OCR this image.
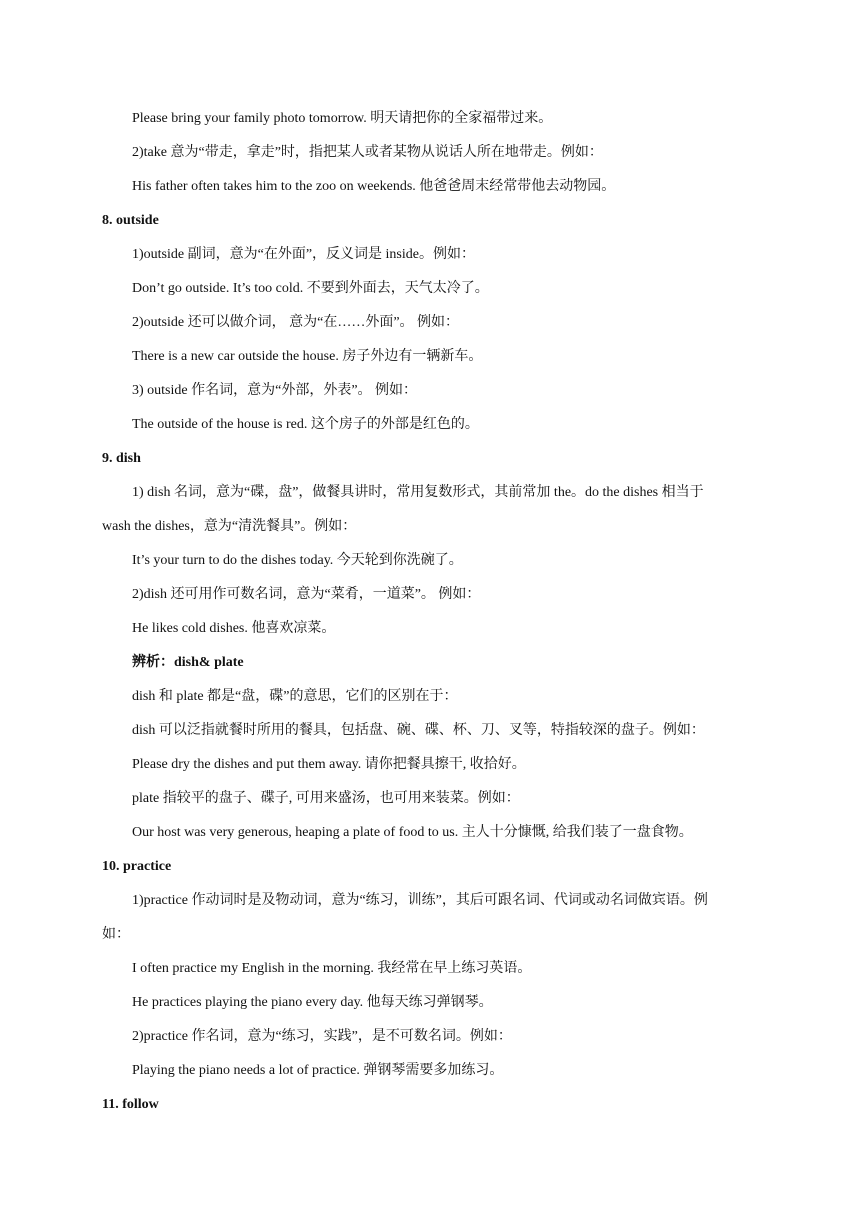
Please bring your family photo tomorrow. 明天请把你的全家福带过来。
2)take 意为“带走，拿走”时，指把某人或者某物从说话人所在地带走。例如：
His father often takes him to the zoo on weekends. 他爸爸周末经常带他去动物园。
8. outside
1)outside 副词，意为“在外面”，反义词是 inside。例如：
Don’t go outside. It’s too cold. 不要到外面去，天气太冷了。
2)outside 还可以做介词， 意为“在……外面”。 例如：
There is a new car outside the house. 房子外边有一辆新车。
3) outside 作名词，意为“外部，外表”。 例如：
The outside of the house is red. 这个房子的外部是红色的。
9. dish
1) dish 名词，意为“碟，盘”，做餐具讲时，常用复数形式，其前常加 the。do the dishes 相当于
wash the dishes，意为“清洗餐具”。例如：
It’s your turn to do the dishes today. 今天轮到你洗碗了。
2)dish 还可用作可数名词，意为“菜肴，一道菜”。 例如：
He likes cold dishes. 他喜欢凉菜。
辨析：dish& plate
dish 和 plate 都是“盘，碟”的意思，它们的区别在于：
dish 可以泛指就餐时所用的餐具，包括盘、碗、碟、杯、刀、叉等，特指较深的盘子。例如：
Please dry the dishes and put them away. 请你把餐具擦干, 收拾好。
plate 指较平的盘子、碟子, 可用来盛汤，也可用来装菜。例如：
Our host was very generous, heaping a plate of food to us. 主人十分慷慨, 给我们装了一盘食物。
10. practice
1)practice 作动词时是及物动词，意为“练习，训练”，其后可跟名词、代词或动名词做宾语。例
如：
I often practice my English in the morning. 我经常在早上练习英语。
He practices playing the piano every day. 他每天练习弹钢琴。
2)practice 作名词，意为“练习，实践”，是不可数名词。例如：
Playing the piano needs a lot of practice. 弹钢琴需要多加练习。
11. follow
